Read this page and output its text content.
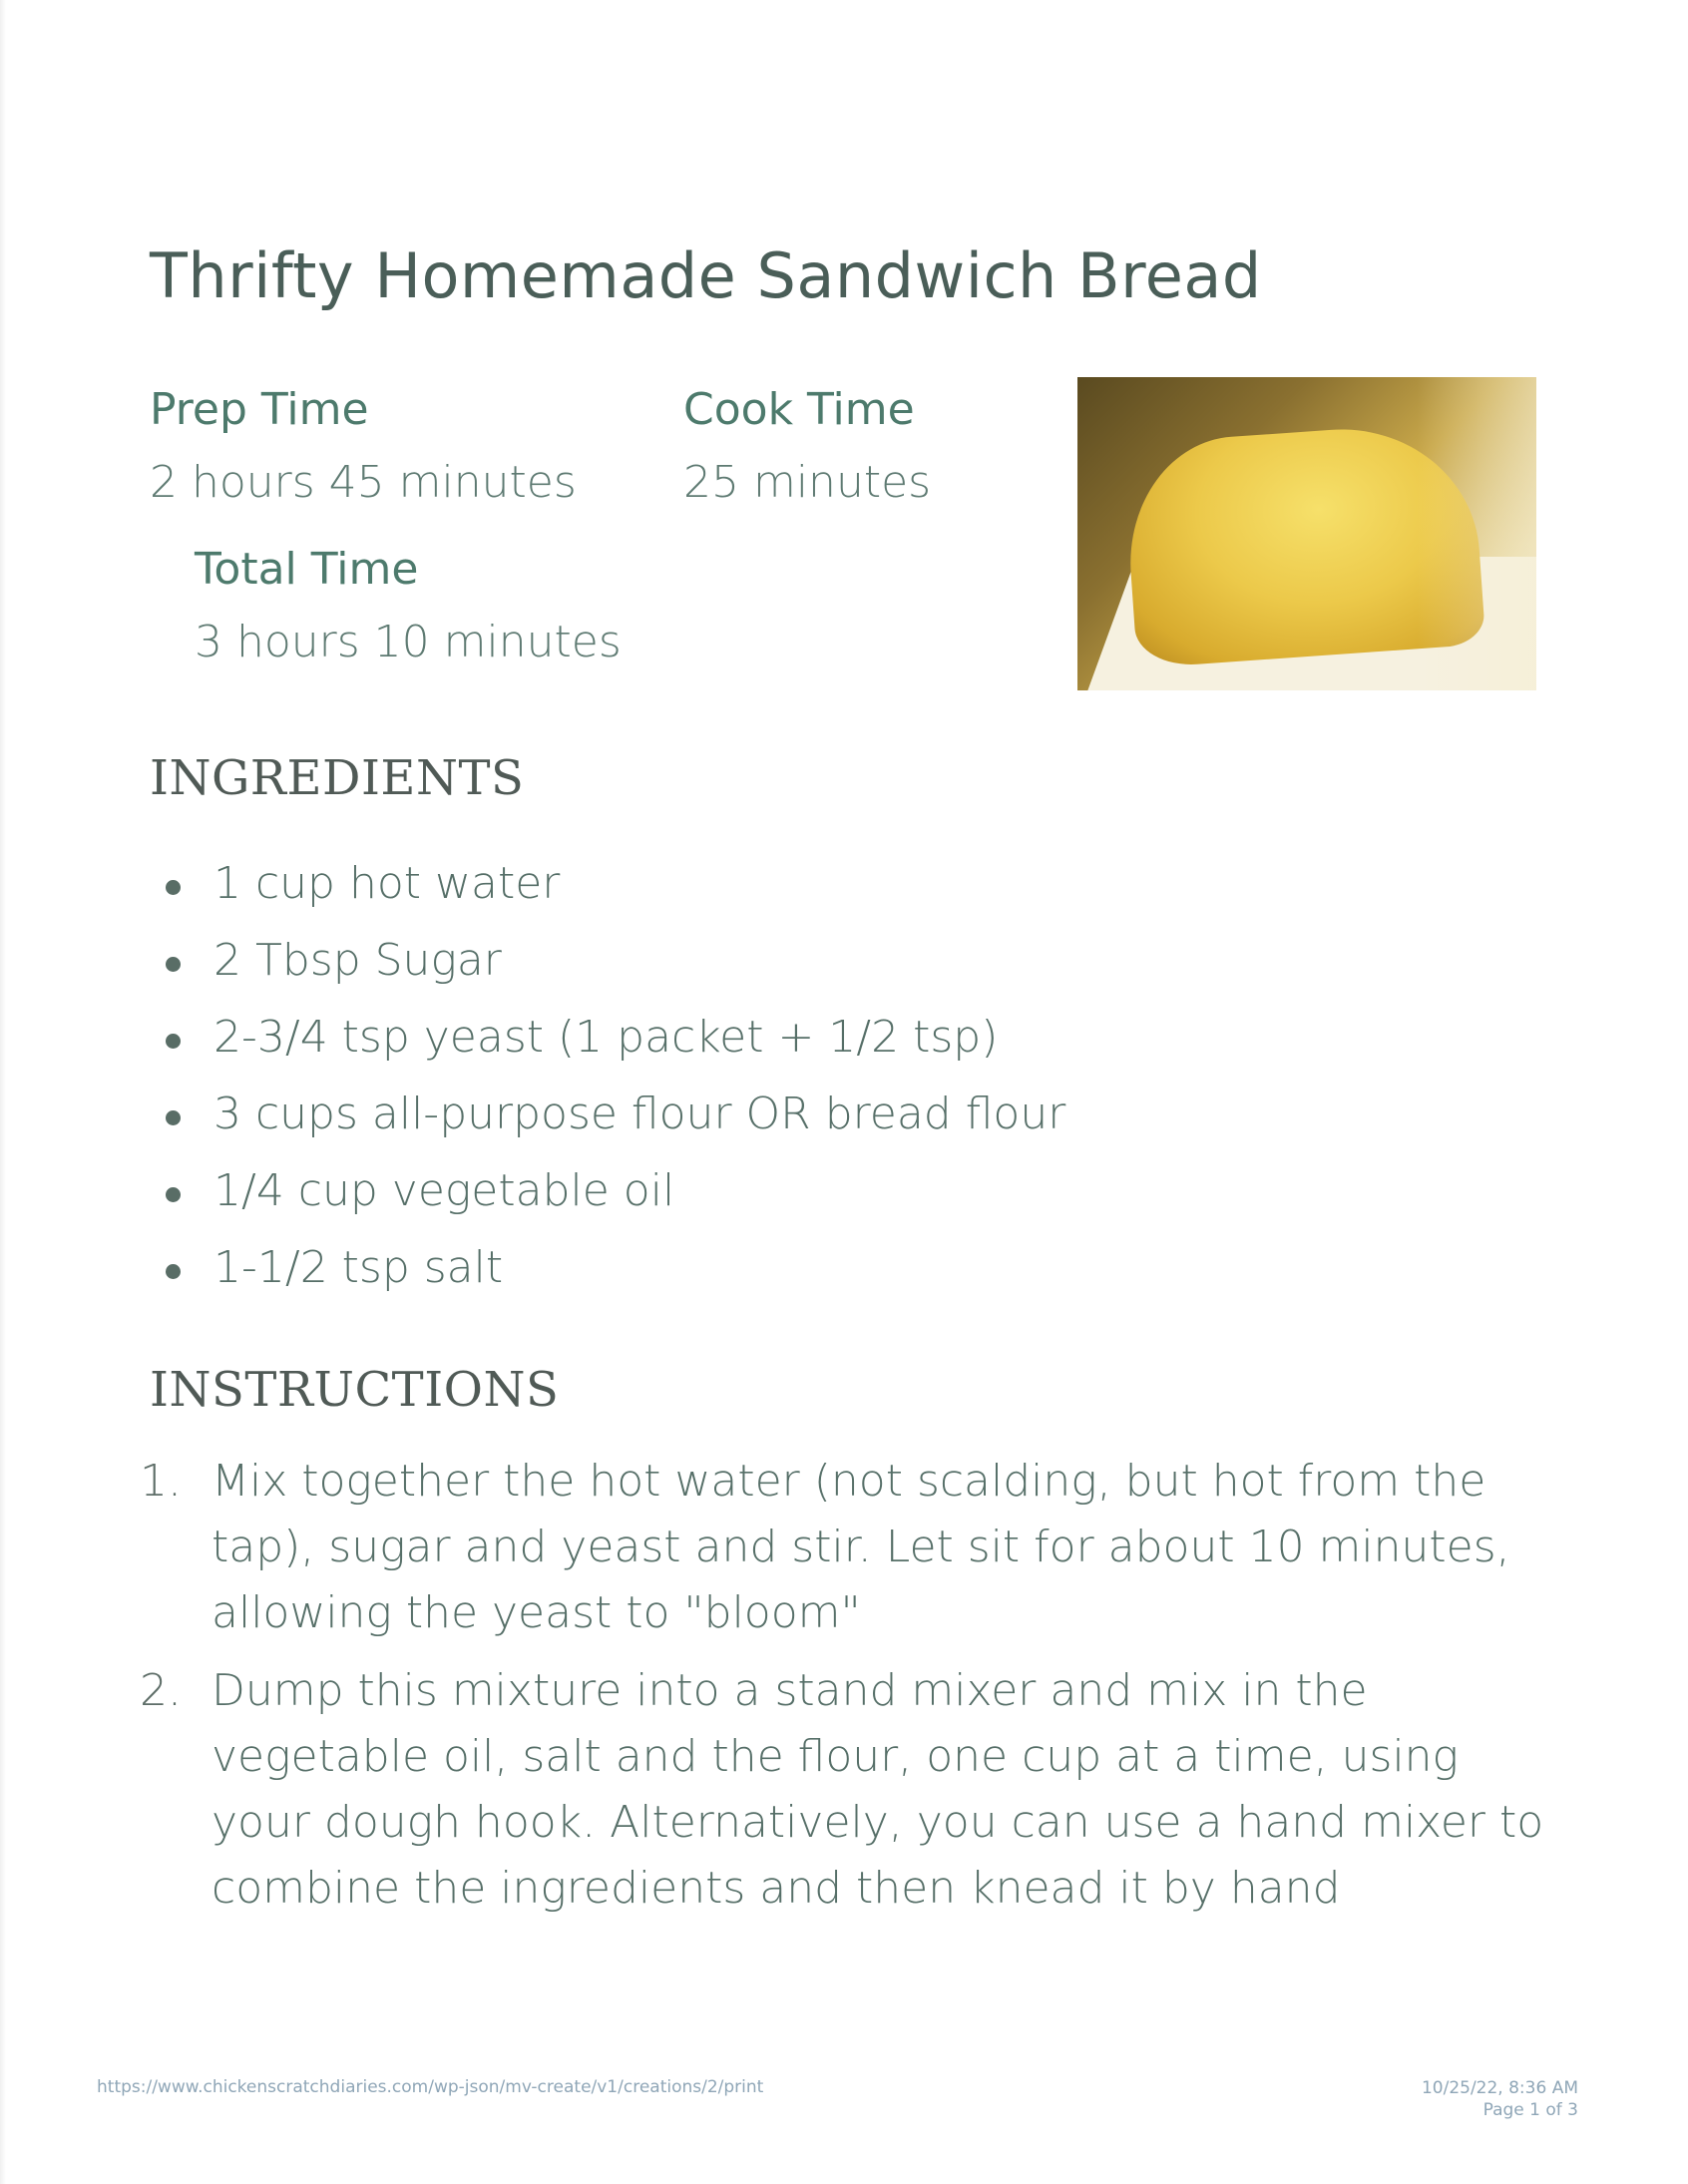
Thrifty Homemade Sandwich Bread
Prep Time
2 hours 45 minutes
Cook Time
25 minutes
Total Time
3 hours 10 minutes
INGREDIENTS
1 cup hot water
2 Tbsp Sugar
2-3/4 tsp yeast (1 packet + 1/2 tsp)
3 cups all-purpose flour OR bread flour
1/4 cup vegetable oil
1-1/2 tsp salt
INSTRUCTIONS
1. Mix together the hot water (not scalding, but hot from the tap), sugar and yeast and stir. Let sit for about 10 minutes, allowing the yeast to "bloom"
2. Dump this mixture into a stand mixer and mix in the vegetable oil, salt and the flour, one cup at a time, using your dough hook. Alternatively, you can use a hand mixer to combine the ingredients and then knead it by hand
https://www.chickenscratchdiaries.com/wp-json/mv-create/v1/creations/2/print	10/25/22, 8:36 AM
Page 1 of 3
